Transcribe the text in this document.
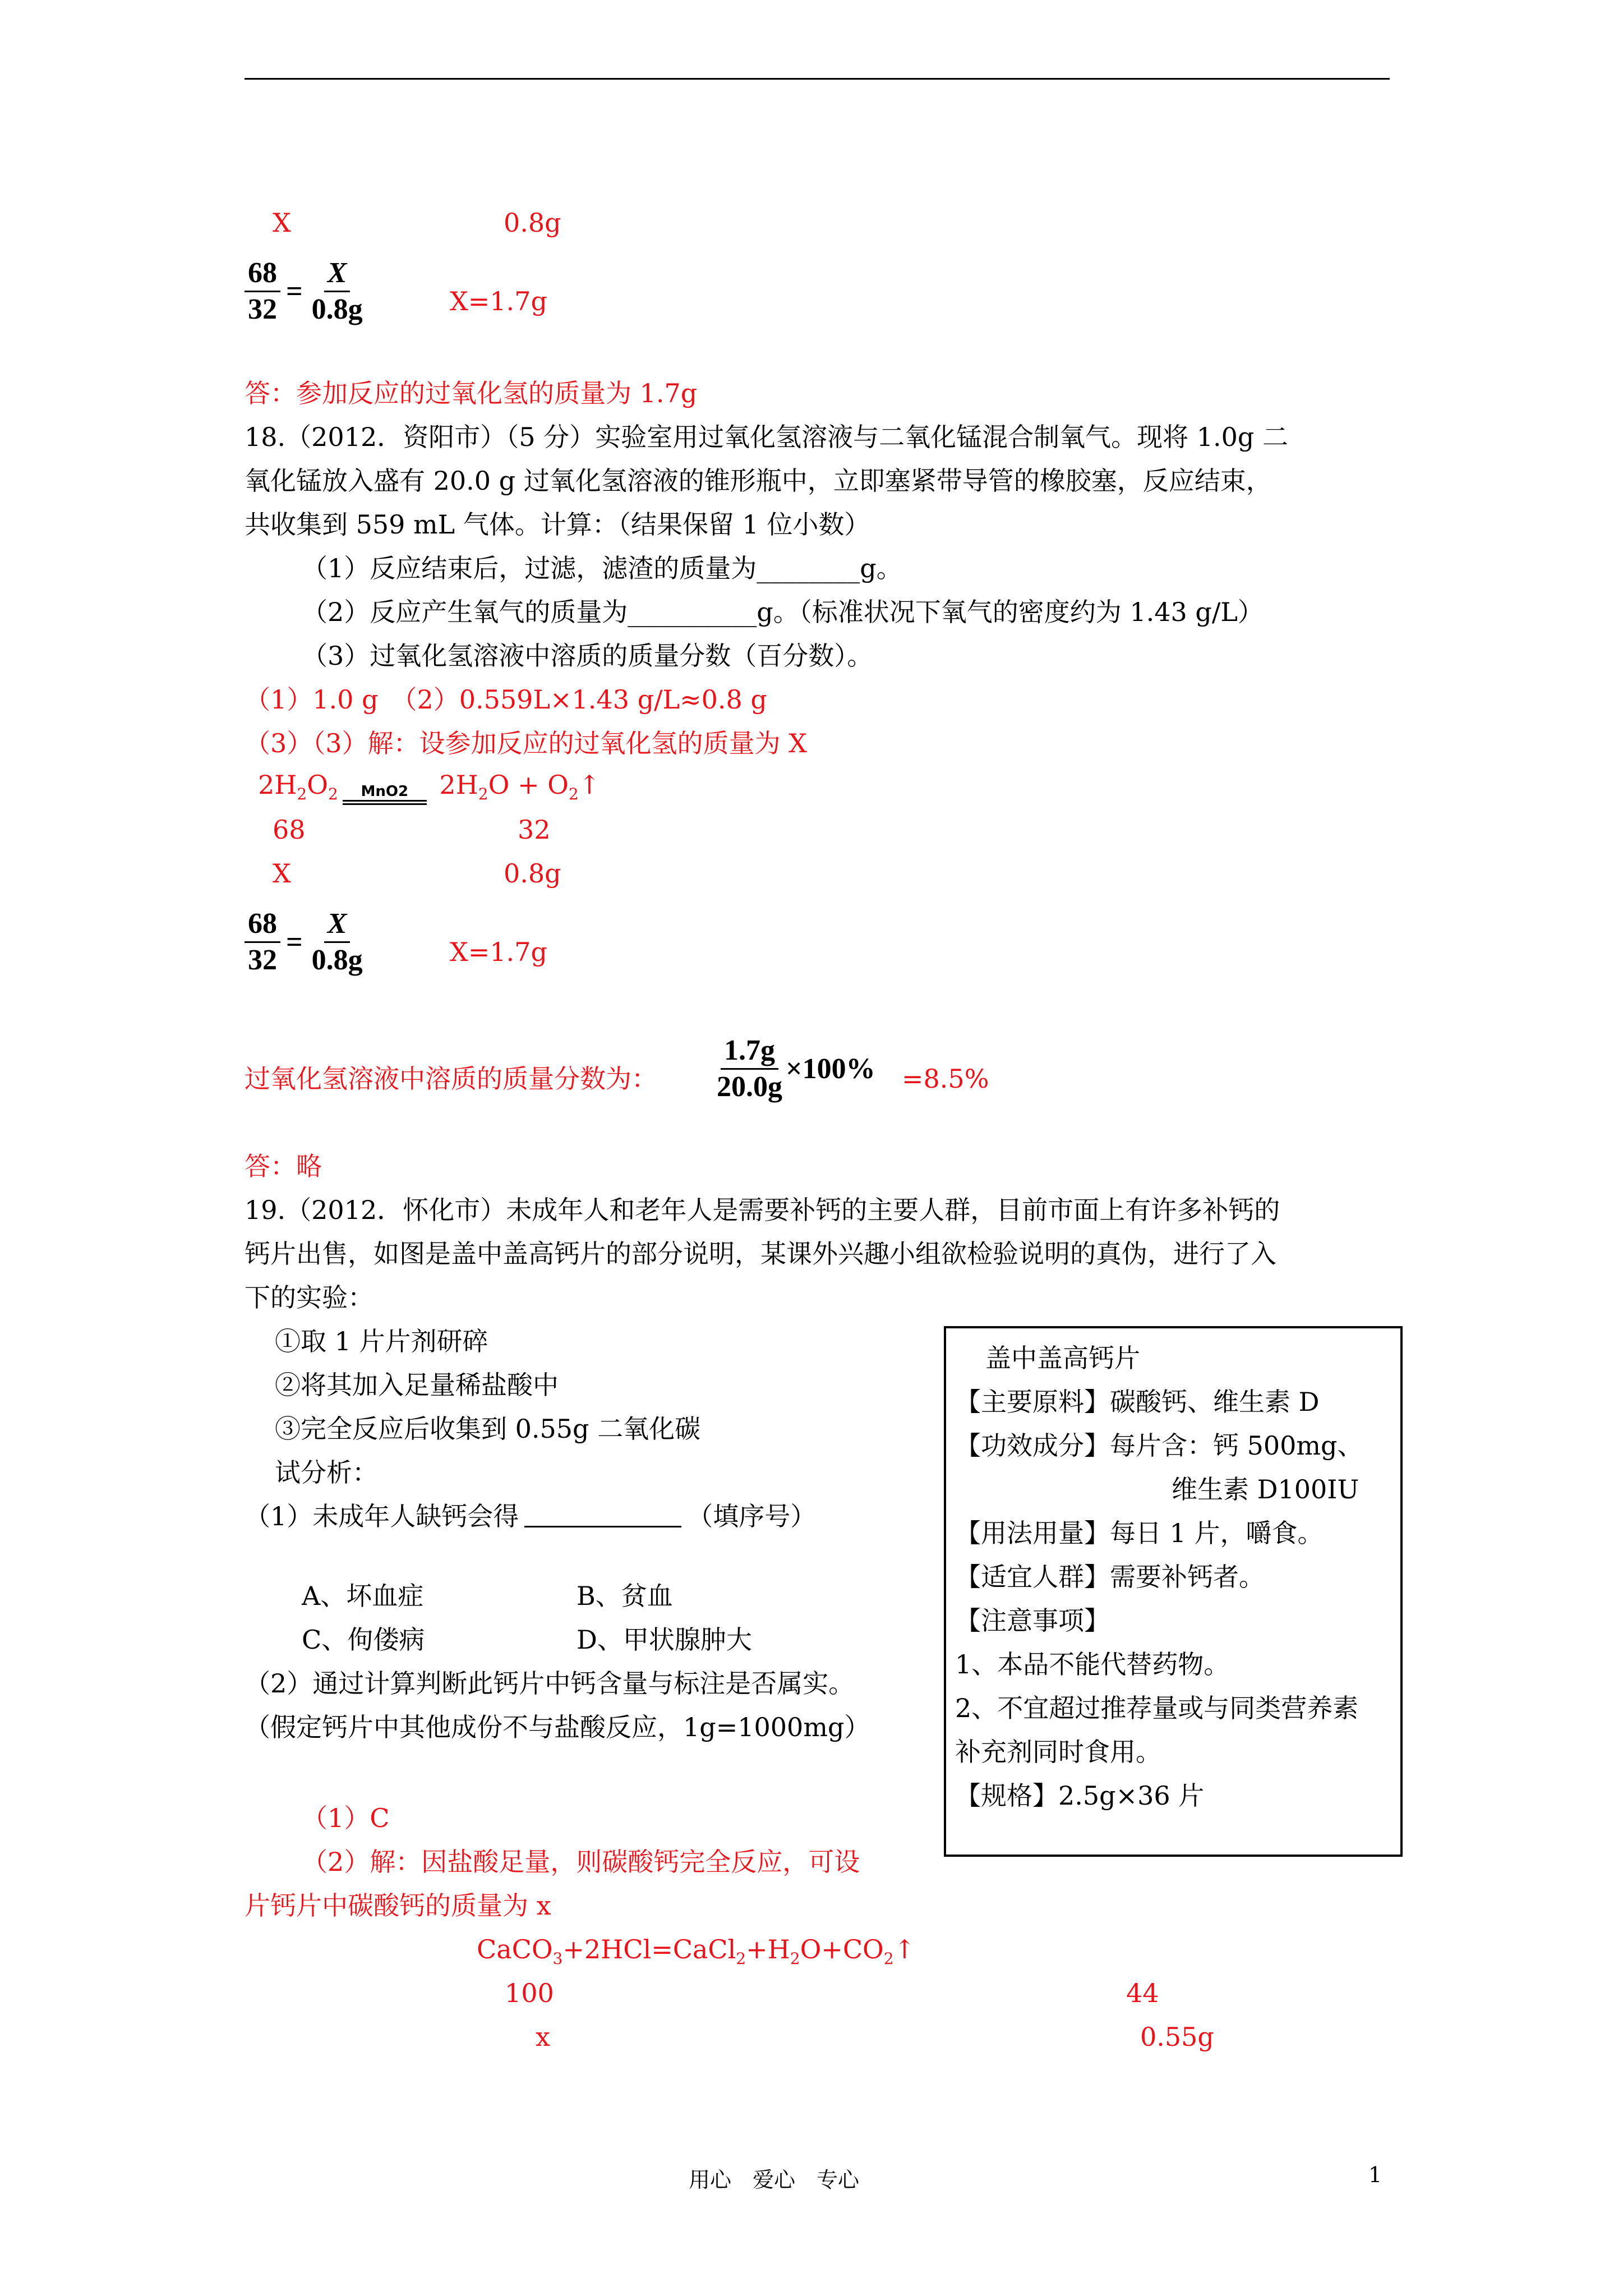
X	0.8g
$\frac{68}{32} = \frac{X}{0.8g}$	X=1.7g
答：参加反应的过氧化氢的质量为 1.7g
18.（2012．资阳市）（5 分）实验室用过氧化氢溶液与二氧化锰混合制氧气。现将 1.0g 二
氧化锰放入盛有 20.0 g 过氧化氢溶液的锥形瓶中，立即塞紧带导管的橡胶塞，反应结束，
共收集到 559 mL 气体。计算：（结果保留 1 位小数）
（1）反应结束后，过滤，滤渣的质量为________g。
（2）反应产生氧气的质量为__________g。（标准状况下氧气的密度约为 1.43 g/L）
（3）过氧化氢溶液中溶质的质量分数（百分数）。
（1）1.0 g　（2）0.559L×1.43 g/L≈0.8 g
（3）（3）解：设参加反应的过氧化氢的质量为 X
$2H_2O_2$ MnO2 $2H_2O$ + $O_2↑$
68	32
X	0.8g
$\frac{68}{32} = \frac{X}{0.8g}$	X=1.7g
过氧化氢溶液中溶质的质量分数为： $\frac{1.7g}{20.0g} \times 100\% =8.5\%$
答：略
19.（2012．怀化市）未成年人和老年人是需要补钙的主要人群，目前市面上有许多补钙的
钙片出售，如图是盖中盖高钙片的部分说明，某课外兴趣小组欲检验说明的真伪，进行了入
下的实验：
①取 1 片片剂研碎
②将其加入足量稀盐酸中
③完全反应后收集到 0.55g 二氧化碳
试分析：
（1）未成年人缺钙会得	（填序号）
A、坏血症	B、贫血
C、佝偻病	D、甲状腺肿大
（2）通过计算判断此钙片中钙含量与标注是否属实。
（假定钙片中其他成份不与盐酸反应，1g=1000mg）
（1）C
（2）解：因盐酸足量，则碳酸钙完全反应，可设
片钙片中碳酸钙的质量为 x
$CaCO_3+2HCl=CaCl_2+H_2O+CO_2↑$
100	44
x	0.55g
盖中盖高钙片
【主要原料】碳酸钙、维生素 D
【功效成分】每片含：钙 500mg、
维生素 D100IU
【用法用量】每日 1 片，嚼食。
【适宜人群】需要补钙者。
【注意事项】
1、本品不能代替药物。
2、不宜超过推荐量或与同类营养素
补充剂同时食用。
【规格】2.5g×36 片
用心　爱心　专心	1
